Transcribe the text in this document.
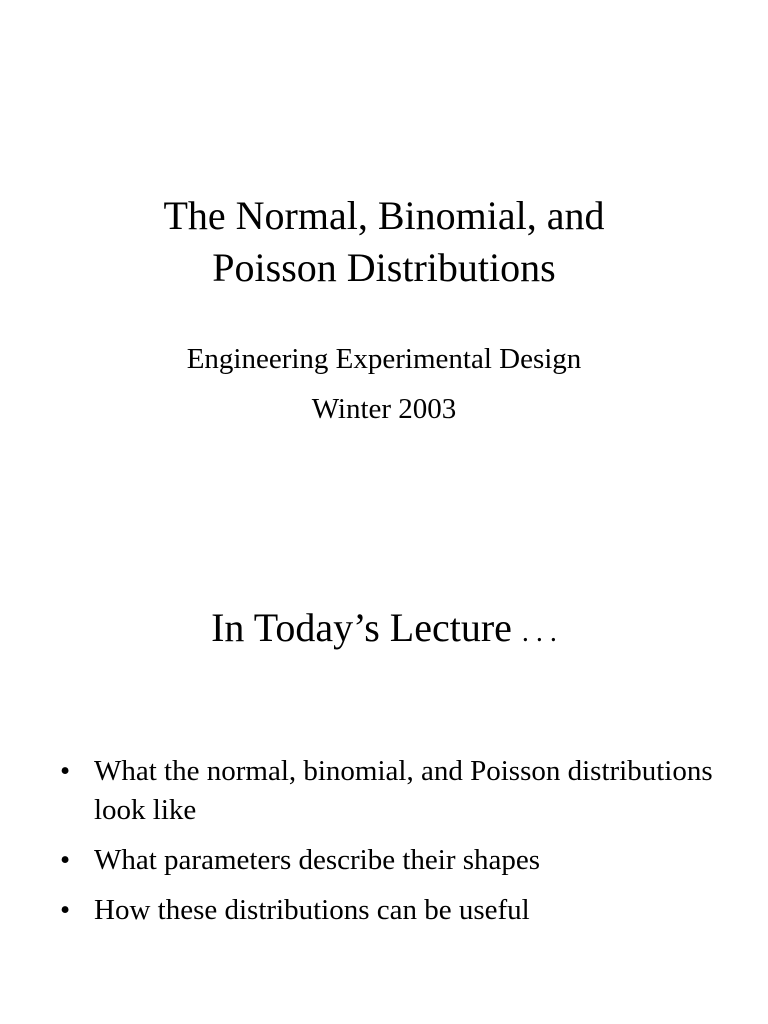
The Normal, Binomial, and
Poisson Distributions
Engineering Experimental Design
Winter 2003
In Today’s Lecture . . .
• What the normal, binomial, and Poisson distributions look like
• What parameters describe their shapes
• How these distributions can be useful
